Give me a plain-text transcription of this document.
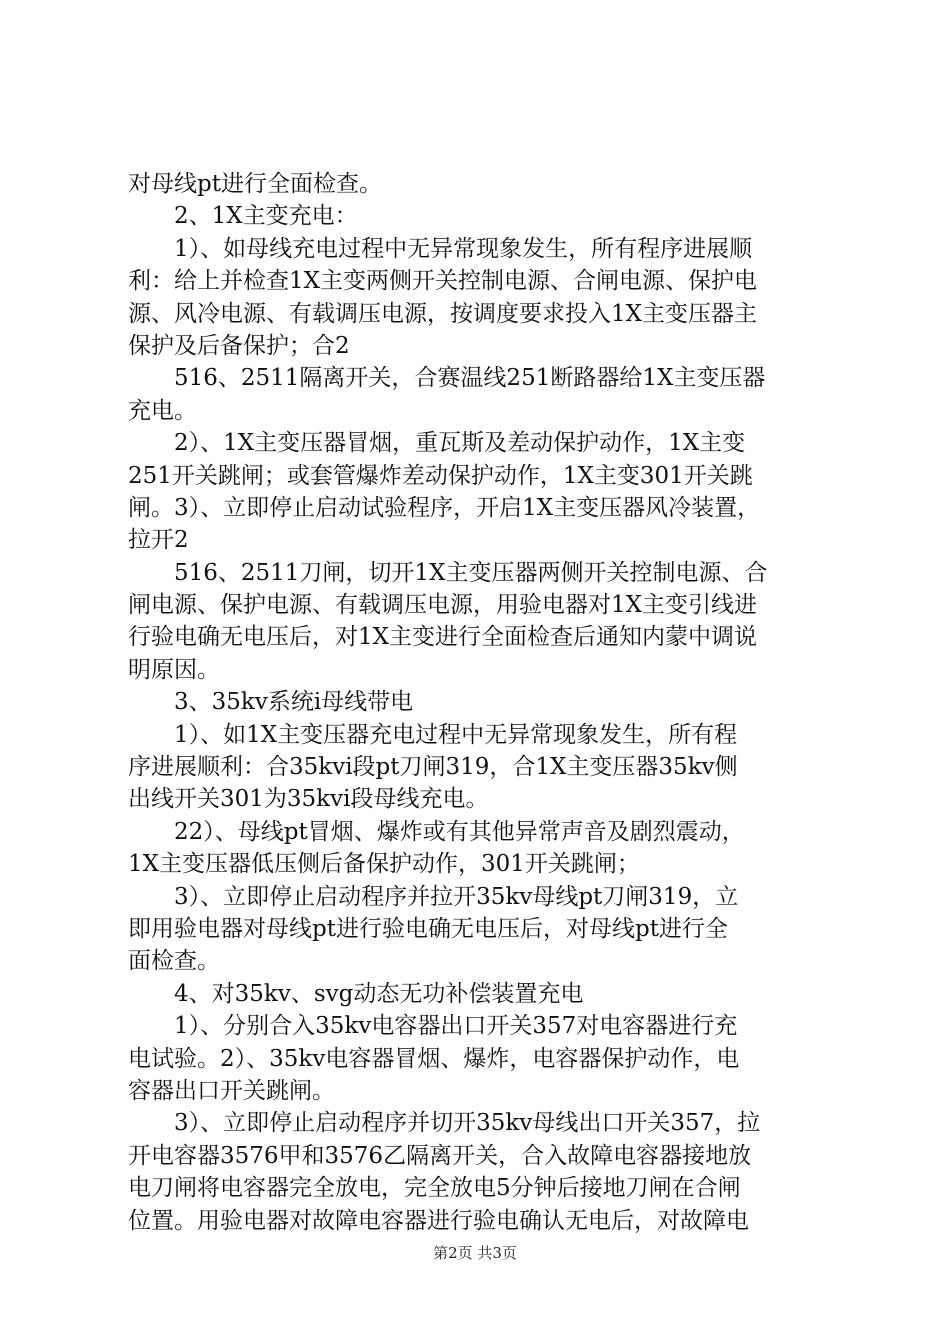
对母线pt进行全面检查。
　　2、1X主变充电：
　　1）、如母线充电过程中无异常现象发生，所有程序进展顺
利：给上并检查1X主变两侧开关控制电源、合闸电源、保护电
源、风冷电源、有载调压电源，按调度要求投入1X主变压器主
保护及后备保护；合2
　　516、2511隔离开关，合赛温线251断路器给1X主变压器
充电。
　　2）、1X主变压器冒烟，重瓦斯及差动保护动作，1X主变
251开关跳闸；或套管爆炸差动保护动作，1X主变301开关跳
闸。3）、立即停止启动试验程序，开启1X主变压器风冷装置，
拉开2
　　516、2511刀闸，切开1X主变压器两侧开关控制电源、合
闸电源、保护电源、有载调压电源，用验电器对1X主变引线进
行验电确无电压后，对1X主变进行全面检查后通知内蒙中调说
明原因。
　　3、35kv系统i母线带电
　　1）、如1X主变压器充电过程中无异常现象发生，所有程
序进展顺利：合35kvi段pt刀闸319，合1X主变压器35kv侧
出线开关301为35kvi段母线充电。
　　22）、母线pt冒烟、爆炸或有其他异常声音及剧烈震动，
1X主变压器低压侧后备保护动作，301开关跳闸；
　　3）、立即停止启动程序并拉开35kv母线pt刀闸319，立
即用验电器对母线pt进行验电确无电压后，对母线pt进行全
面检查。
　　4、对35kv、svg动态无功补偿装置充电
　　1）、分别合入35kv电容器出口开关357对电容器进行充
电试验。2）、35kv电容器冒烟、爆炸，电容器保护动作，电
容器出口开关跳闸。
　　3）、立即停止启动程序并切开35kv母线出口开关357，拉
开电容器3576甲和3576乙隔离开关，合入故障电容器接地放
电刀闸将电容器完全放电，完全放电5分钟后接地刀闸在合闸
位置。用验电器对故障电容器进行验电确认无电后，对故障电
第2页 共3页
